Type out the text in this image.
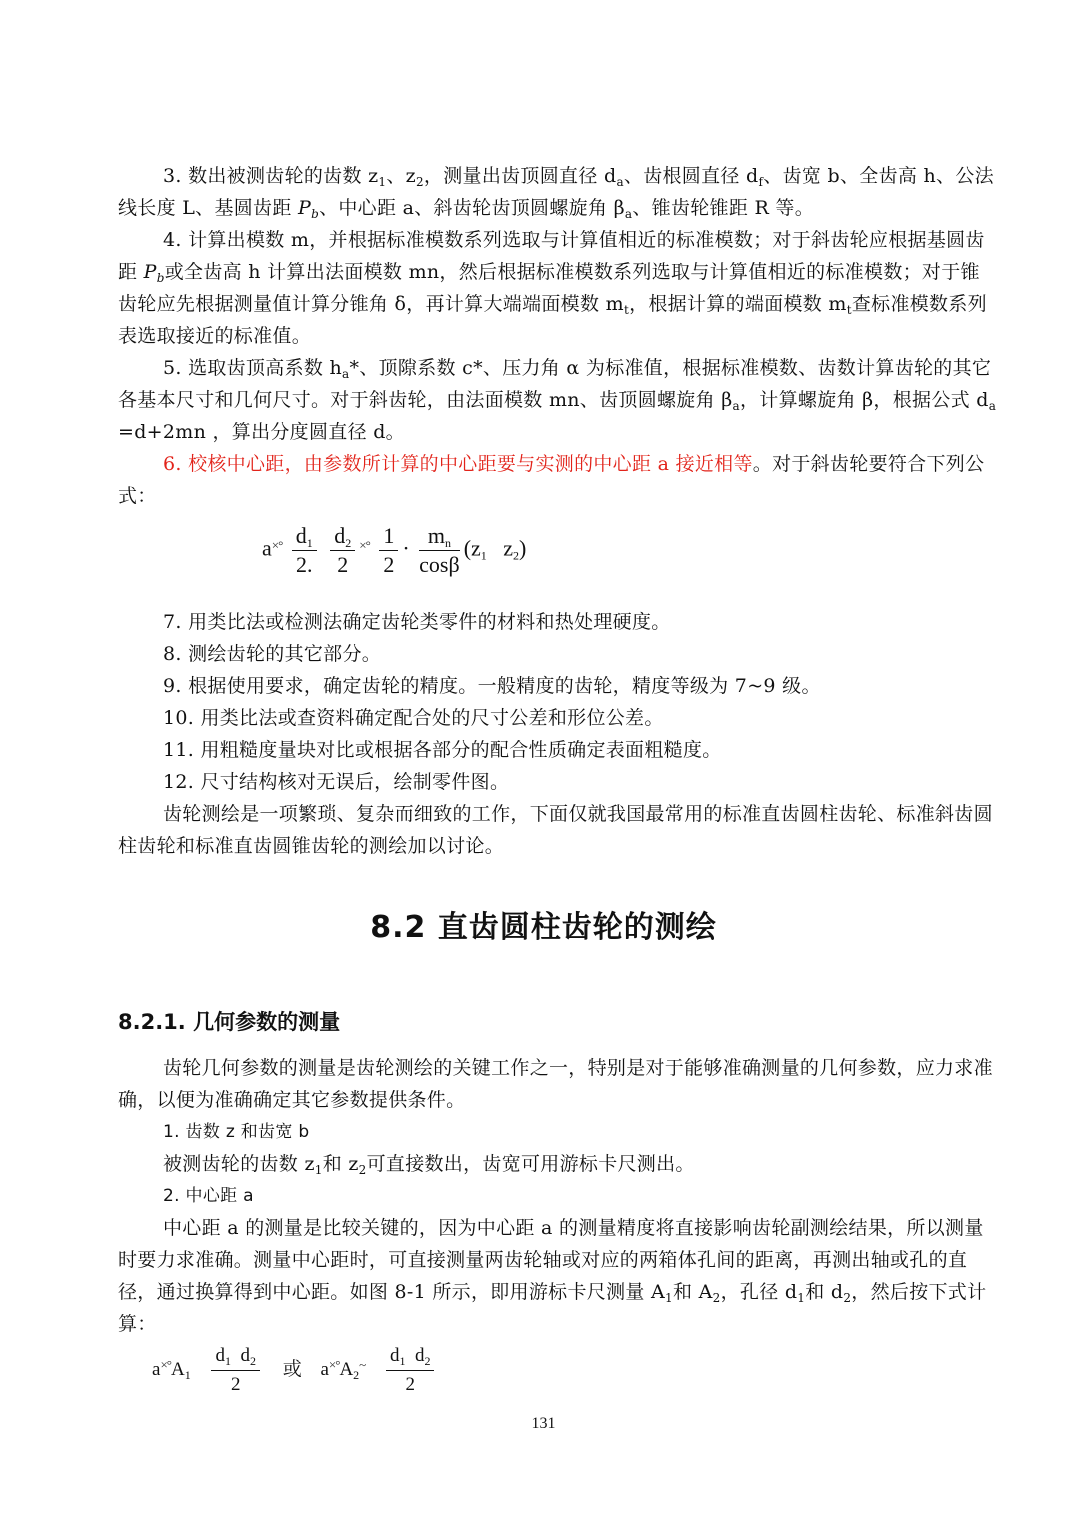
3. 数出被测齿轮的齿数 $z_1$、$z_2$，测量出齿顶圆直径 $d_a$、齿根圆直径 $d_f$、齿宽 b、全齿高 h、公法线长度 L、基圆齿距 $P_b$、中心距 a、斜齿轮齿顶圆螺旋角 $\beta_a$、锥齿轮锥距 R 等。

4. 计算出模数 m，并根据标准模数系列选取与计算值相近的标准模数；对于斜齿轮应根据基圆齿距 $P_b$或全齿高 h 计算出法面模数 mn，然后根据标准模数系列选取与计算值相近的标准模数；对于锥齿轮应先根据测量值计算分锥角 δ，再计算大端端面模数 $m_t$，根据计算的端面模数 $m_t$查标准模数系列表选取接近的标准值。

5. 选取齿顶高系数 $h_a*$、顶隙系数 c*、压力角 α 为标准值，根据标准模数、齿数计算齿轮的其它各基本尺寸和几何尺寸。对于斜齿轮，由法面模数 mn、齿顶圆螺旋角 $\beta_a$，计算螺旋角 β，根据公式 $d_a =d+2mn$ ，算出分度圆直径 d。

6. 校核中心距，由参数所计算的中心距要与实测的中心距 a 接近相等。对于斜齿轮要符合下列公式：

$a^{\times^\circ} \frac{d_1}{2.}$
$\frac{d_2}{2} ^{\times^\circ} \frac{1}{2} \cdot \frac{m_n}{\cos\beta} (z_1$ $z_2$)

7. 用类比法或检测法确定齿轮类零件的材料和热处理硬度。

8. 测绘齿轮的其它部分。

9. 根据使用要求，确定齿轮的精度。一般精度的齿轮，精度等级为 7~9 级。

10. 用类比法或查资料确定配合处的尺寸公差和形位公差。

11. 用粗糙度量块对比或根据各部分的配合性质确定表面粗糙度。

12. 尺寸结构核对无误后，绘制零件图。

齿轮测绘是一项繁琐、复杂而细致的工作，下面仅就我国最常用的标准直齿圆柱齿轮、标准斜齿圆柱齿轮和标准直齿圆锥齿轮的测绘加以讨论。

8.2 直齿圆柱齿轮的测绘
8.2.1. 几何参数的测量

齿轮几何参数的测量是齿轮测绘的关键工作之一，特别是对于能够准确测量的几何参数，应力求准确，以便为准确确定其它参数提供条件。

1. 齿数 z 和齿宽 b

被测齿轮的齿数 $z_1$和 $z_2$可直接数出，齿宽可用游标卡尺测出。

2. 中心距 a

中心距 a 的测量是比较关键的，因为中心距 a 的测量精度将直接影响齿轮副测绘结果，所以测量时要力求准确。测量中心距时，可直接测量两齿轮轴或对应的两箱体孔间的距离，再测出轴或孔的直径，通过换算得到中心距。如图 8-1 所示，即用游标卡尺测量 $A_1$和 $A_2$，孔径 $d_1$和 $d_2$，然后按下式计算：

$a^{\times^\circ}A_1 \frac{d_1 d_2}{2}$ 或 $a^{\times^\circ}A_2^\sim \frac{d_1 d_2}{2}$
131
